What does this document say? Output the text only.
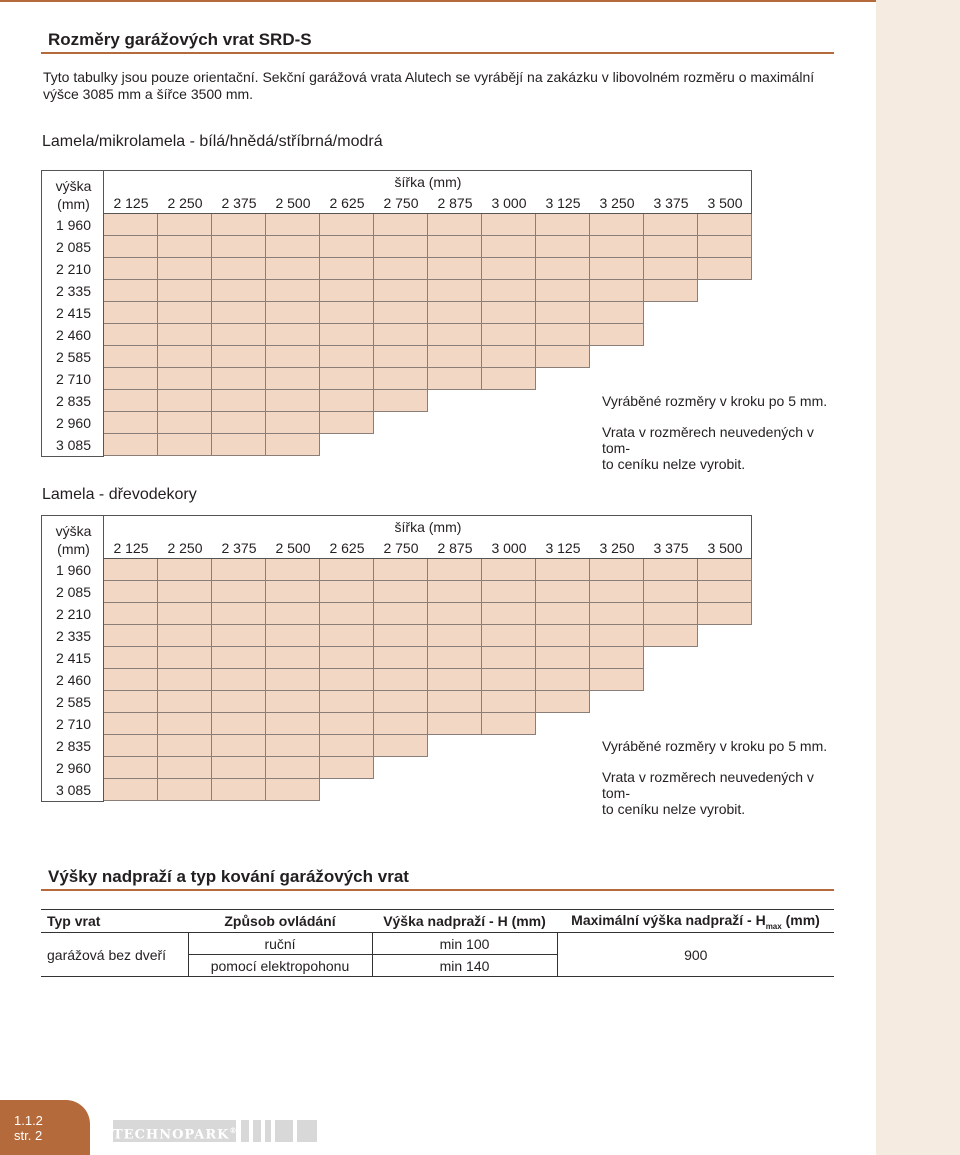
Rozměry garážových vrat SRD-S
Tyto tabulky jsou pouze orientační. Sekční garážová vrata Alutech se vyrábějí na zakázku v libovolném rozměru o maximální výšce 3085 mm a šířce 3500 mm.
Lamela/mikrolamela - bílá/hnědá/stříbrná/modrá
výška
(mm)
1 960
2 085
2 210
2 335
2 415
2 460
2 585
2 710
2 835
2 960
3 085
šířka (mm)
2 125	2 250	2 375	2 500	2 625	2 750	2 875	3 000	3 125	3 250	3 375	3 500
Vyráběné rozměry v kroku po 5 mm.
Vrata v rozměrech neuvedených v tom-
to ceníku nelze vyrobit.
Lamela - dřevodekory
výška
(mm)
1 960
2 085
2 210
2 335
2 415
2 460
2 585
2 710
2 835
2 960
3 085
šířka (mm)
2 125	2 250	2 375	2 500	2 625	2 750	2 875	3 000	3 125	3 250	3 375	3 500
Vyráběné rozměry v kroku po 5 mm.
Vrata v rozměrech neuvedených v tom-
to ceníku nelze vyrobit.
Výšky nadpraží a typ kování garážových vrat
Typ vrat	Způsob ovládání	Výška nadpraží - H (mm)	Maximální výška nadpraží - $H_{max}$ (mm)
garážová bez dveří	ruční	min 100	900
	pomocí elektropohonu	min 140	
1.1.2
str. 2	TECHNOPARK®
